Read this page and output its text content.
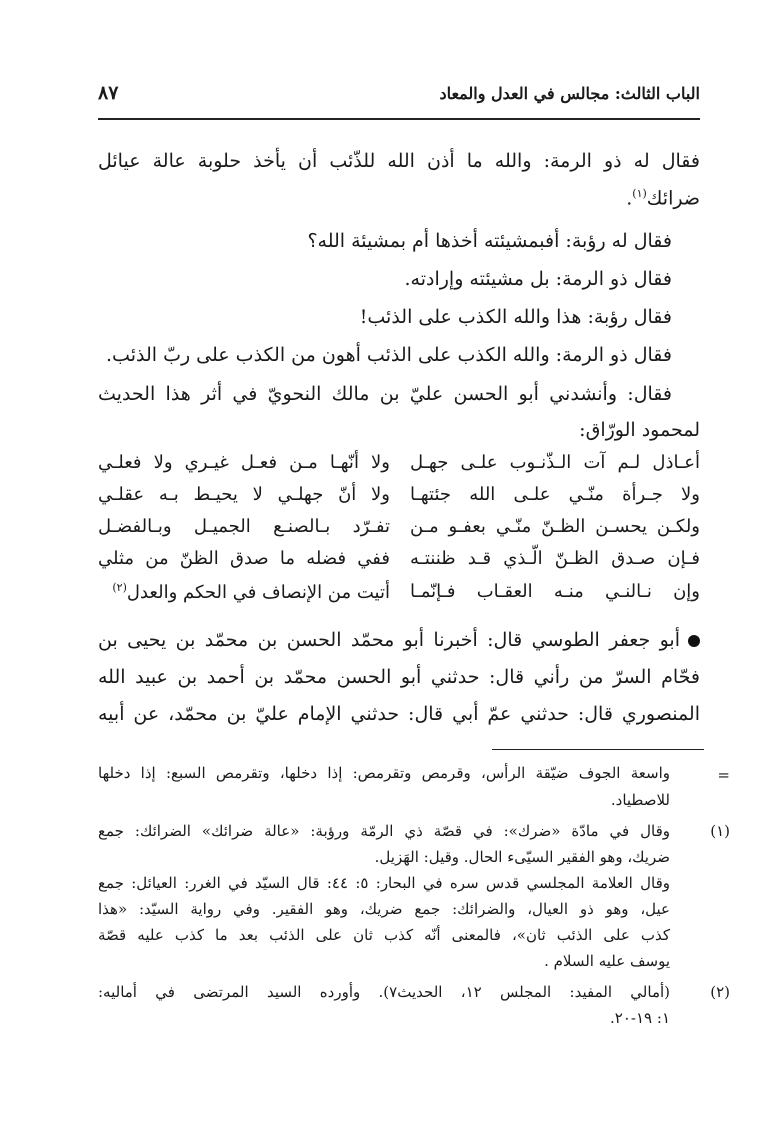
الباب الثالث: مجالس في العدل والمعاد
٨٧
فقال له ذو الرمة: والله ما أذن الله للذّئب أن يأخذ حلوبة عالة عيائل
ضرائك$^{(١)}$.
فقال له رؤبة: أفبمشيئته أخذها أم بمشيئة الله؟
فقال ذو الرمة: بل مشيئته وإرادته.
فقال رؤبة: هذا والله الكذب على الذئب!
فقال ذو الرمة: والله الكذب على الذئب أهون من الكذب على ربّ الذئب.
فقال: وأنشدني أبو الحسن عليّ بن مالك النحويّ في أثر هذا الحديث
لمحمود الورّاق:
أعـاذل لـم آت الـذّنـوب علـى جهـل
ولا أنّهـا مـن فعـل غيـري ولا فعلـي
ولا جـرأة منّـي علـى الله جئتهـا
ولا أنّ جهلـي لا يحيـط بـه عقلـي
ولكـن يحسـن الظـنّ منّـي بعفـو مـن
تفـرّد بـالصنـع الجميـل وبـالفضـل
فـإن صـدق الظـنّ الّـذي قـد ظننتـه
ففي فضله ما صدق الظنّ من مثلي
وإن نـالنـي منـه العقـاب فـإنّمـا
أتيت من الإنصاف في الحكم والعدل$^{(٢)}$
أبو جعفر الطوسي قال: أخبرنا أبو محمّد الحسن بن محمّد بن يحيى بن
فحّام السرّ من رأني قال: حدثني أبو الحسن محمّد بن أحمد بن عبيد الله
المنصوري قال: حدثني عمّ أبي قال: حدثني الإمام عليّ بن محمّد، عن أبيه
=
واسعة الجوف ضيّقة الرأس، وقرمص وتقرمص: إذا دخلها، وتقرمص السبع: إذا دخلها
للاصطياد.
(١)
وقال في مادّة «ضرك»: في قصّة ذي الرمّة ورؤبة: «عالة ضرائك» الضرائك: جمع
ضريك، وهو الفقير السيّىء الحال. وقيل: الهَزيل.
وقال العلامة المجلسي قدس سره في البحار: ٥: ٤٤: قال السيّد في الغرر: العيائل: جمع
عيل، وهو ذو العيال، والضرائك: جمع ضريك، وهو الفقير. وفي رواية السيّد: «هذا
كذب على الذئب ثان»، فالمعنى أنّه كذب ثان على الذئب بعد ما كذب عليه قصّة
يوسف عليه السلام .
(٢)
(أمالي المفيد: المجلس ١٢، الحديث٧). وأورده السيد المرتضى في أماليه:
١: ١٩-٢٠.
